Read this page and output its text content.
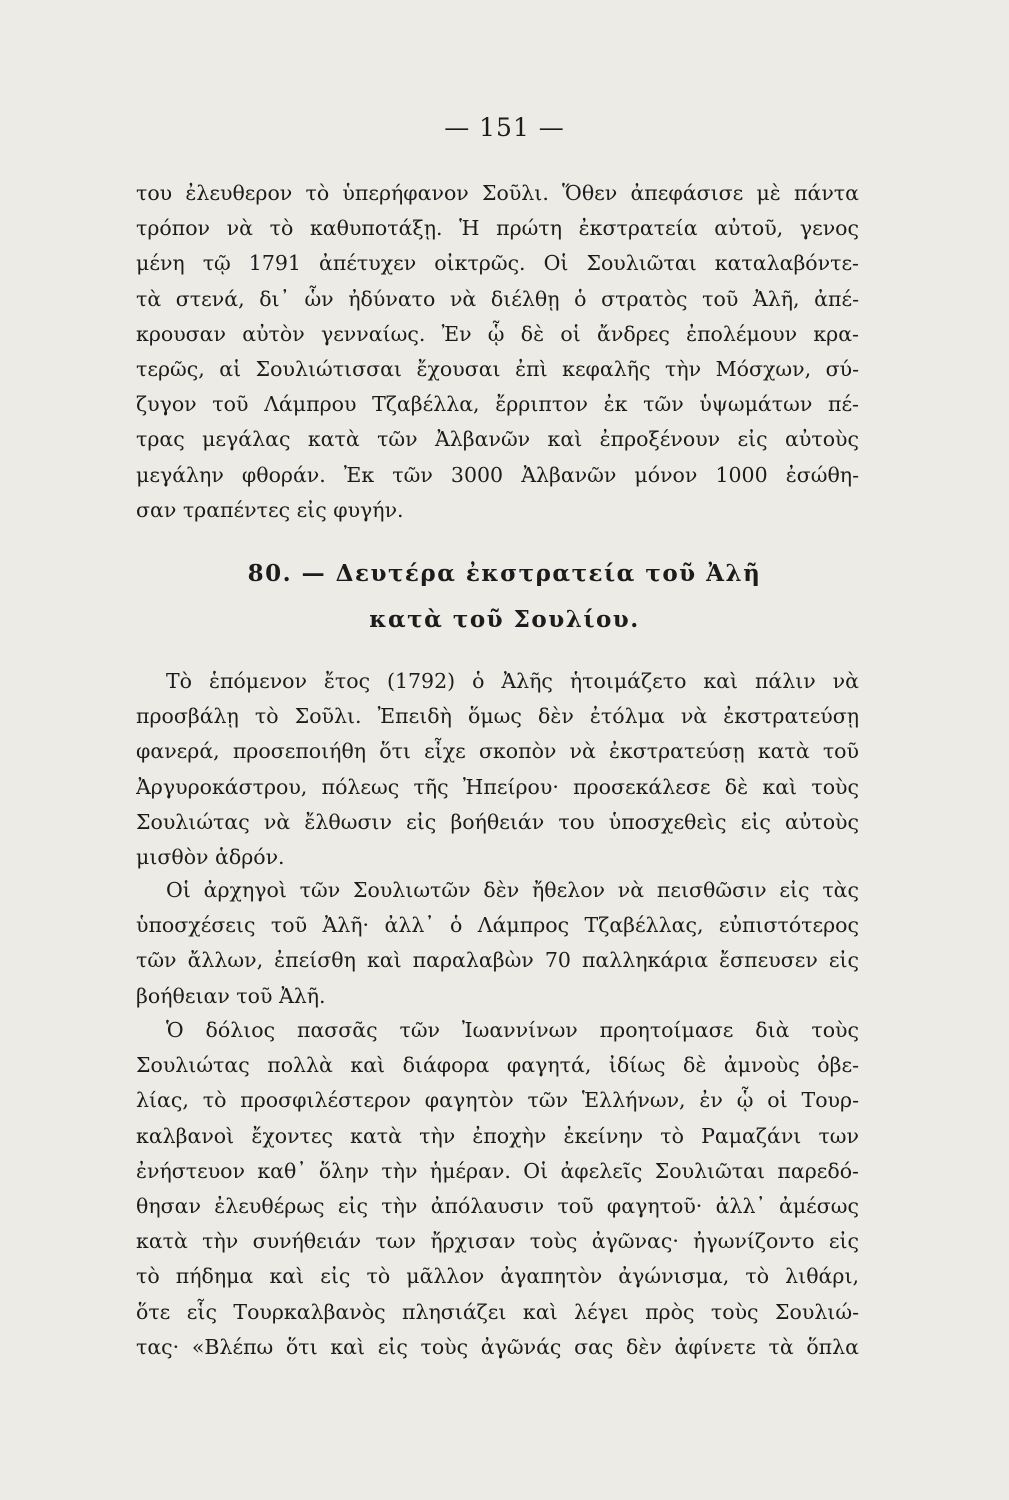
— 151 —
του ἐλευθερον τὸ ὑπερήφανον Σοῦλι. Ὅθεν ἀπεφάσισε μὲ πάντα
τρόπον νὰ τὸ καθυποτάξῃ. Ἡ πρώτη ἐκστρατεία αὐτοῦ, γενος
μένη τῷ 1791 ἀπέτυχεν οἰκτρῶς. Οἱ Σουλιῶται καταλαβόντε-
τὰ στενά, δι᾿ ὧν ἠδύνατο νὰ διέλθῃ ὁ στρατὸς τοῦ Ἀλῆ, ἀπέ-
κρουσαν αὐτὸν γενναίως. Ἐν ᾧ δὲ οἱ ἄνδρες ἐπολέμουν κρα-
τερῶς, αἱ Σουλιώτισσαι ἔχουσαι ἐπὶ κεφαλῆς τὴν Μόσχων, σύ-
ζυγον τοῦ Λάμπρου Τζαβέλλα, ἔρριπτον ἐκ τῶν ὑψωμάτων πέ-
τρας μεγάλας κατὰ τῶν Ἀλβανῶν καὶ ἐπροξένουν εἰς αὐτοὺς
μεγάλην φθοράν. Ἐκ τῶν 3000 Ἀλβανῶν μόνον 1000 ἐσώθη-
σαν τραπέντες εἰς φυγήν.
80. — Δευτέρα ἐκστρατεία τοῦ Ἀλῆ
κατὰ τοῦ Σουλίου.
Τὸ ἑπόμενον ἔτος (1792) ὁ Ἀλῆς ἡτοιμάζετο καὶ πάλιν νὰ
προσβάλῃ τὸ Σοῦλι. Ἐπειδὴ ὅμως δὲν ἐτόλμα νὰ ἐκστρατεύσῃ
φανερά, προσεποιήθη ὅτι εἶχε σκοπὸν νὰ ἐκστρατεύσῃ κατὰ τοῦ
Ἀργυροκάστρου, πόλεως τῆς Ἠπείρου· προσεκάλεσε δὲ καὶ τοὺς
Σουλιώτας νὰ ἔλθωσιν εἰς βοήθειάν του ὑποσχεθεὶς εἰς αὐτοὺς
μισθὸν ἁδρόν.
Οἱ ἀρχηγοὶ τῶν Σουλιωτῶν δὲν ἤθελον νὰ πεισθῶσιν εἰς τὰς
ὑποσχέσεις τοῦ Ἀλῆ· ἀλλ᾿ ὁ Λάμπρος Τζαβέλλας, εὐπιστότερος
τῶν ἄλλων, ἐπείσθη καὶ παραλαβὼν 70 παλληκάρια ἔσπευσεν εἰς
βοήθειαν τοῦ Ἀλῆ.
Ὁ δόλιος πασσᾶς τῶν Ἰωαννίνων προητοίμασε διὰ τοὺς
Σουλιώτας πολλὰ καὶ διάφορα φαγητά, ἰδίως δὲ ἀμνοὺς ὀβε-
λίας, τὸ προσφιλέστερον φαγητὸν τῶν Ἑλλήνων, ἐν ᾧ οἱ Τουρ-
καλβανοὶ ἔχοντες κατὰ τὴν ἐποχὴν ἐκείνην τὸ Ραμαζάνι των
ἐνήστευον καθ᾿ ὅλην τὴν ἡμέραν. Οἱ ἀφελεῖς Σουλιῶται παρεδό-
θησαν ἐλευθέρως εἰς τὴν ἀπόλαυσιν τοῦ φαγητοῦ· ἀλλ᾿ ἀμέσως
κατὰ τὴν συνήθειάν των ἤρχισαν τοὺς ἀγῶνας· ἠγωνίζοντο εἰς
τὸ πήδημα καὶ εἰς τὸ μᾶλλον ἀγαπητὸν ἀγώνισμα, τὸ λιθάρι,
ὅτε εἷς Τουρκαλβανὸς πλησιάζει καὶ λέγει πρὸς τοὺς Σουλιώ-
τας· «Βλέπω ὅτι καὶ εἰς τοὺς ἀγῶνάς σας δὲν ἀφίνετε τὰ ὅπλα
